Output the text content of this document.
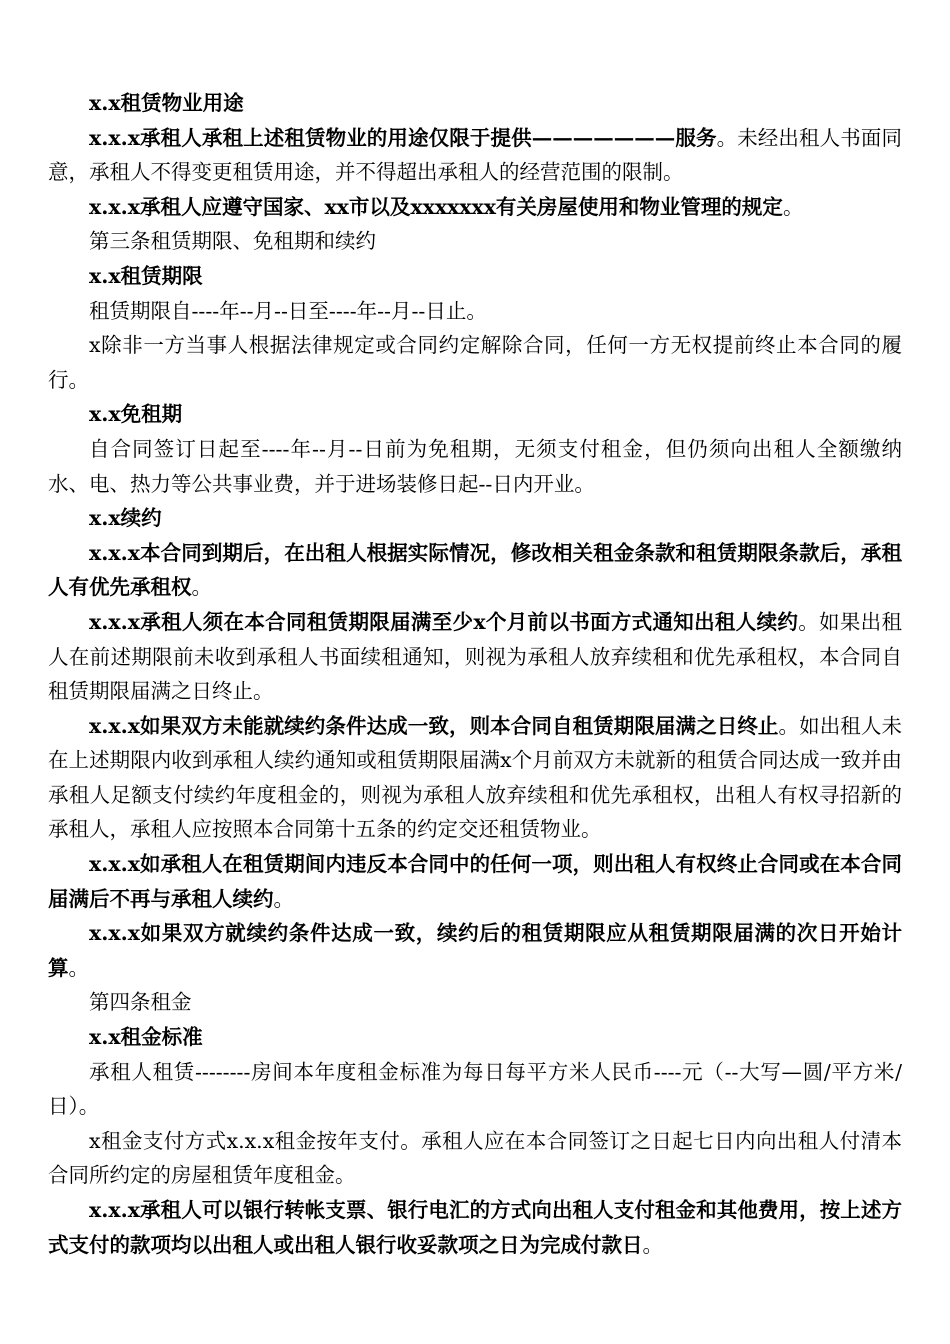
x.x租赁物业用途

x.x.x承租人承租上述租赁物业的用途仅限于提供———————服务。未经出租人书面同意，承租人不得变更租赁用途，并不得超出承租人的经营范围的限制。

x.x.x承租人应遵守国家、xx市以及xxxxxxx有关房屋使用和物业管理的规定。

第三条租赁期限、免租期和续约

x.x租赁期限

租赁期限自----年--月--日至----年--月--日止。

x除非一方当事人根据法律规定或合同约定解除合同，任何一方无权提前终止本合同的履行。

x.x免租期

自合同签订日起至----年--月--日前为免租期，无须支付租金，但仍须向出租人全额缴纳水、电、热力等公共事业费，并于进场装修日起--日内开业。

x.x续约

x.x.x本合同到期后，在出租人根据实际情况，修改相关租金条款和租赁期限条款后，承租人有优先承租权。

x.x.x承租人须在本合同租赁期限届满至少x个月前以书面方式通知出租人续约。如果出租人在前述期限前未收到承租人书面续租通知，则视为承租人放弃续租和优先承租权，本合同自租赁期限届满之日终止。

x.x.x如果双方未能就续约条件达成一致，则本合同自租赁期限届满之日终止。如出租人未在上述期限内收到承租人续约通知或租赁期限届满x个月前双方未就新的租赁合同达成一致并由承租人足额支付续约年度租金的，则视为承租人放弃续租和优先承租权，出租人有权寻招新的承租人，承租人应按照本合同第十五条的约定交还租赁物业。

x.x.x如承租人在租赁期间内违反本合同中的任何一项，则出租人有权终止合同或在本合同届满后不再与承租人续约。

x.x.x如果双方就续约条件达成一致，续约后的租赁期限应从租赁期限届满的次日开始计算。

第四条租金

x.x租金标准

承租人租赁--------房间本年度租金标准为每日每平方米人民币----元（--大写—圆/平方米/日）。

x租金支付方式x.x.x租金按年支付。承租人应在本合同签订之日起七日内向出租人付清本合同所约定的房屋租赁年度租金。

x.x.x承租人可以银行转帐支票、银行电汇的方式向出租人支付租金和其他费用，按上述方式支付的款项均以出租人或出租人银行收妥款项之日为完成付款日。
